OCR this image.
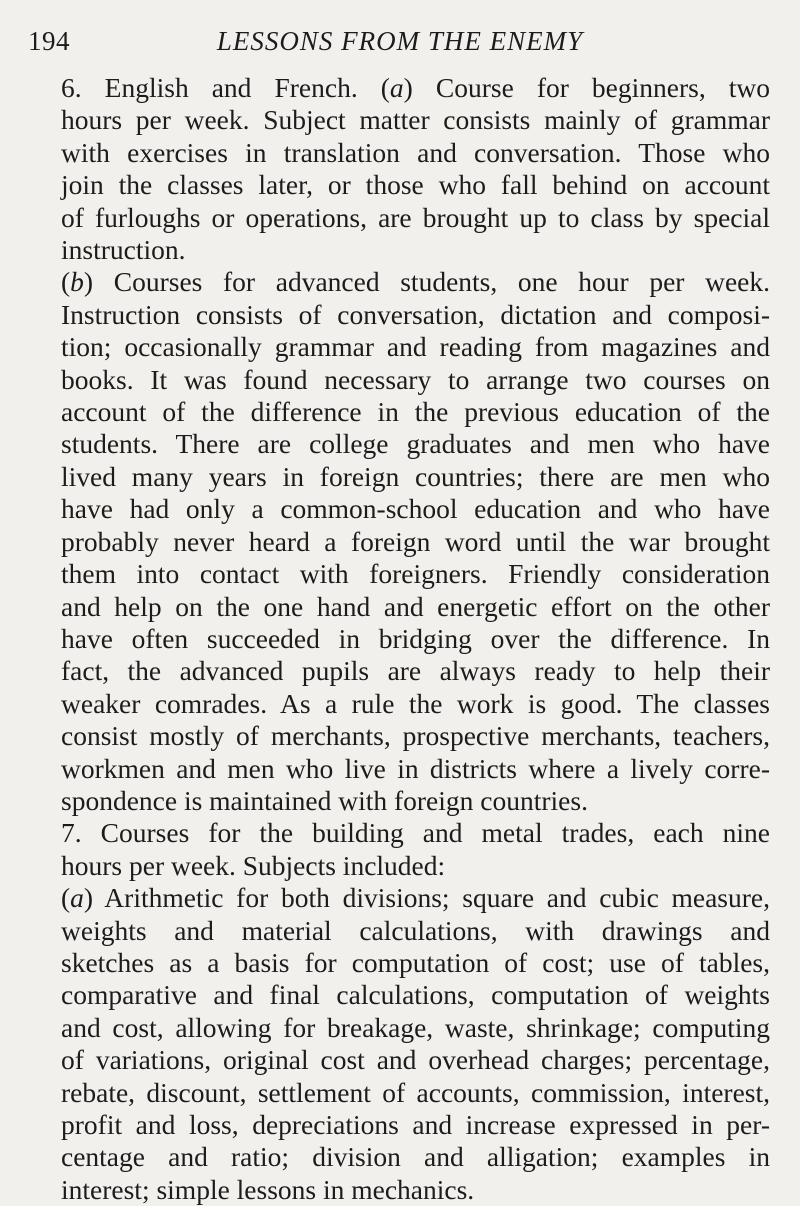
194	LESSONS FROM THE ENEMY

6. English and French. (a) Course for beginners, two
hours per week. Subject matter consists mainly of grammar
with exercises in translation and conversation. Those who
join the classes later, or those who fall behind on account
of furloughs or operations, are brought up to class by special
instruction.

(b) Courses for advanced students, one hour per week.
Instruction consists of conversation, dictation and composi-
tion; occasionally grammar and reading from magazines and
books. It was found necessary to arrange two courses on
account of the difference in the previous education of the
students. There are college graduates and men who have
lived many years in foreign countries; there are men who
have had only a common-school education and who have
probably never heard a foreign word until the war brought
them into contact with foreigners. Friendly consideration
and help on the one hand and energetic effort on the other
have often succeeded in bridging over the difference. In
fact, the advanced pupils are always ready to help their
weaker comrades. As a rule the work is good. The classes
consist mostly of merchants, prospective merchants, teachers,
workmen and men who live in districts where a lively corre-
spondence is maintained with foreign countries.

7. Courses for the building and metal trades, each nine
hours per week. Subjects included:

(a) Arithmetic for both divisions; square and cubic measure,
weights and material calculations, with drawings and
sketches as a basis for computation of cost; use of tables,
comparative and final calculations, computation of weights
and cost, allowing for breakage, waste, shrinkage; computing
of variations, original cost and overhead charges; percentage,
rebate, discount, settlement of accounts, commission, interest,
profit and loss, depreciations and increase expressed in per-
centage and ratio; division and alligation; examples in
interest; simple lessons in mechanics.
